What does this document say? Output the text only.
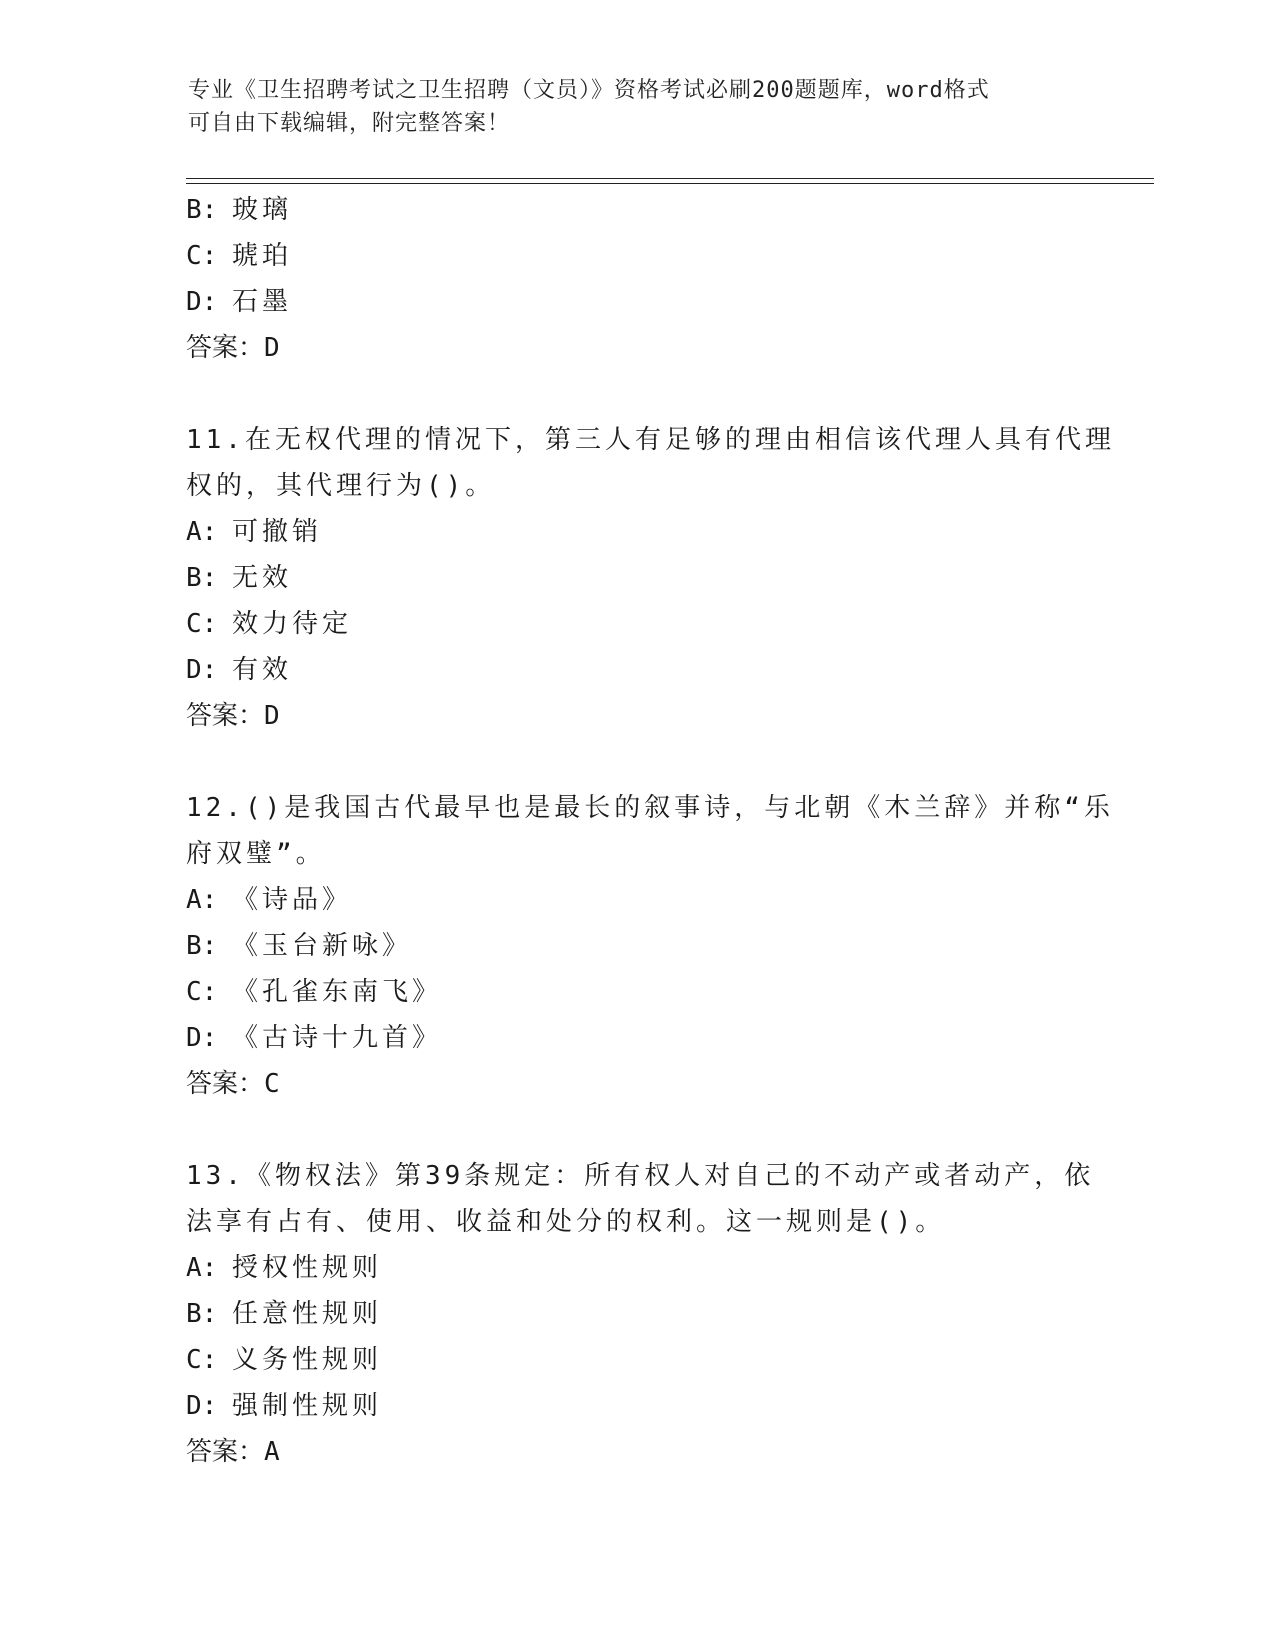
专业《卫生招聘考试之卫生招聘（文员）》资格考试必刷200题题库，word格式
可自由下载编辑，附完整答案！
B: 玻璃
C: 琥珀
D: 石墨
答案：D
11.在无权代理的情况下，第三人有足够的理由相信该代理人具有代理
权的，其代理行为()。
A: 可撤销
B: 无效
C: 效力待定
D: 有效
答案：D
12.()是我国古代最早也是最长的叙事诗，与北朝《木兰辞》并称“乐
府双璧”。
A: 《诗品》
B: 《玉台新咏》
C: 《孔雀东南飞》
D: 《古诗十九首》
答案：C
13.《物权法》第39条规定：所有权人对自己的不动产或者动产，依
法享有占有、使用、收益和处分的权利。这一规则是()。
A: 授权性规则
B: 任意性规则
C: 义务性规则
D: 强制性规则
答案：A
